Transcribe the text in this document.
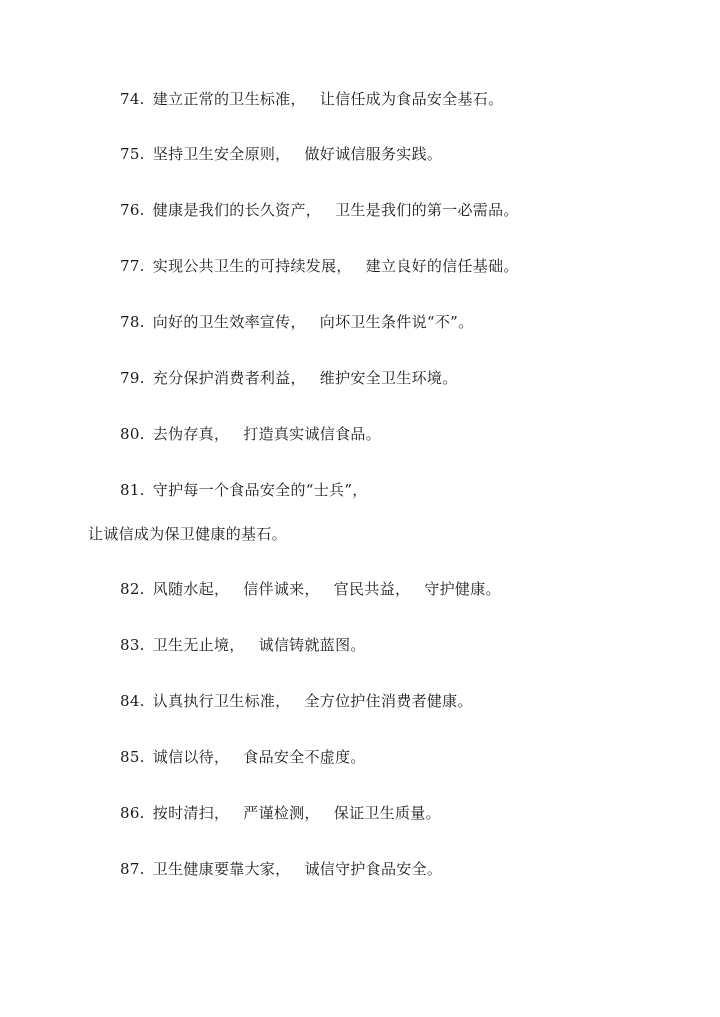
74. 建立正常的卫生标准， 让信任成为食品安全基石。
75. 坚持卫生安全原则， 做好诚信服务实践。
76. 健康是我们的长久资产， 卫生是我们的第一必需品。
77. 实现公共卫生的可持续发展， 建立良好的信任基础。
78. 向好的卫生效率宣传， 向坏卫生条件说“不”。
79. 充分保护消费者利益， 维护安全卫生环境。
80. 去伪存真， 打造真实诚信食品。
81. 守护每一个食品安全的“士兵”，
让诚信成为保卫健康的基石。
82. 风随水起， 信伴诚来， 官民共益， 守护健康。
83. 卫生无止境， 诚信铸就蓝图。
84. 认真执行卫生标准， 全方位护住消费者健康。
85. 诚信以待， 食品安全不虚度。
86. 按时清扫， 严谨检测， 保证卫生质量。
87. 卫生健康要靠大家， 诚信守护食品安全。
